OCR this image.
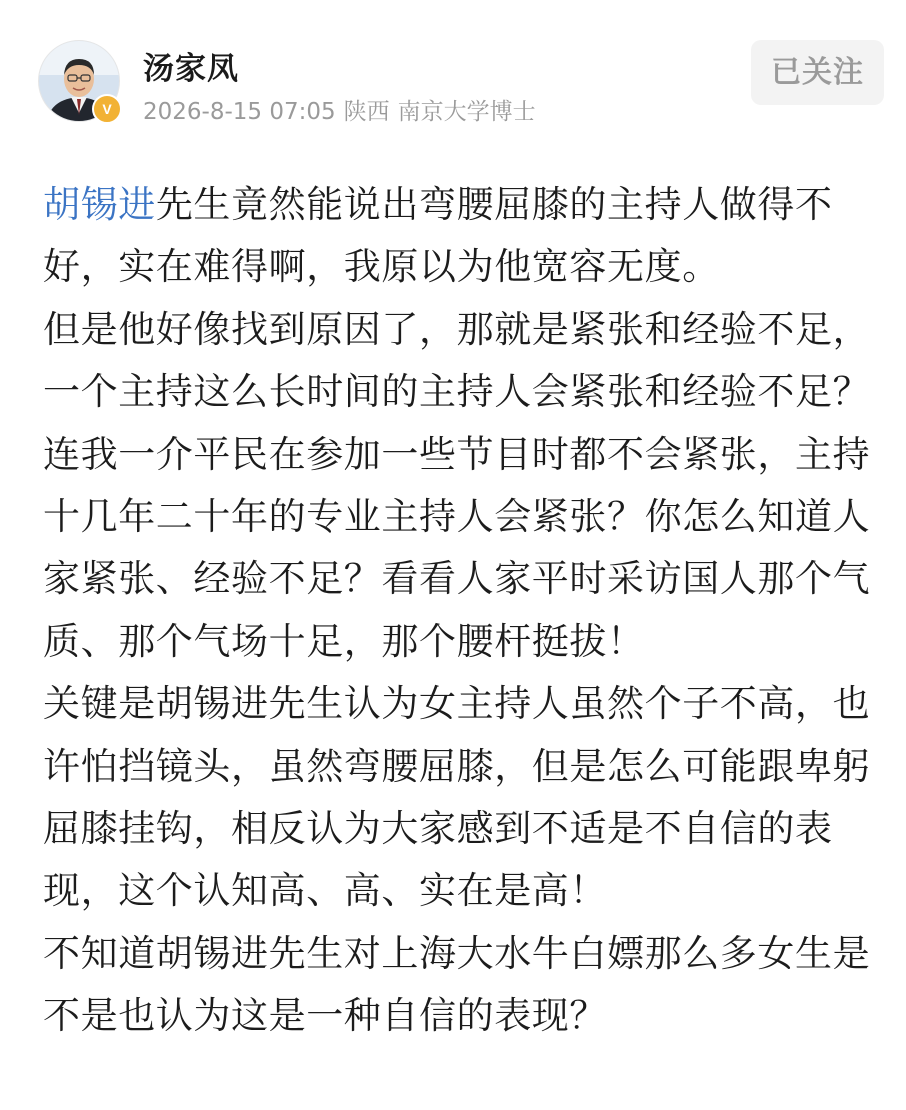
V
汤家凤
2026-8-15 07:05 陕西 南京大学博士
已关注

胡锡进先生竟然能说出弯腰屈膝的主持人做得不好，实在难得啊，我原以为他宽容无度。

但是他好像找到原因了，那就是紧张和经验不足，一个主持这么长时间的主持人会紧张和经验不足？连我一介平民在参加一些节目时都不会紧张，主持十几年二十年的专业主持人会紧张？你怎么知道人家紧张、经验不足？看看人家平时采访国人那个气质、那个气场十足，那个腰杆挺拔！

关键是胡锡进先生认为女主持人虽然个子不高，也许怕挡镜头，虽然弯腰屈膝，但是怎么可能跟卑躬屈膝挂钩，相反认为大家感到不适是不自信的表现，这个认知高、高、实在是高！

不知道胡锡进先生对上海大水牛白嫖那么多女生是不是也认为这是一种自信的表现？
